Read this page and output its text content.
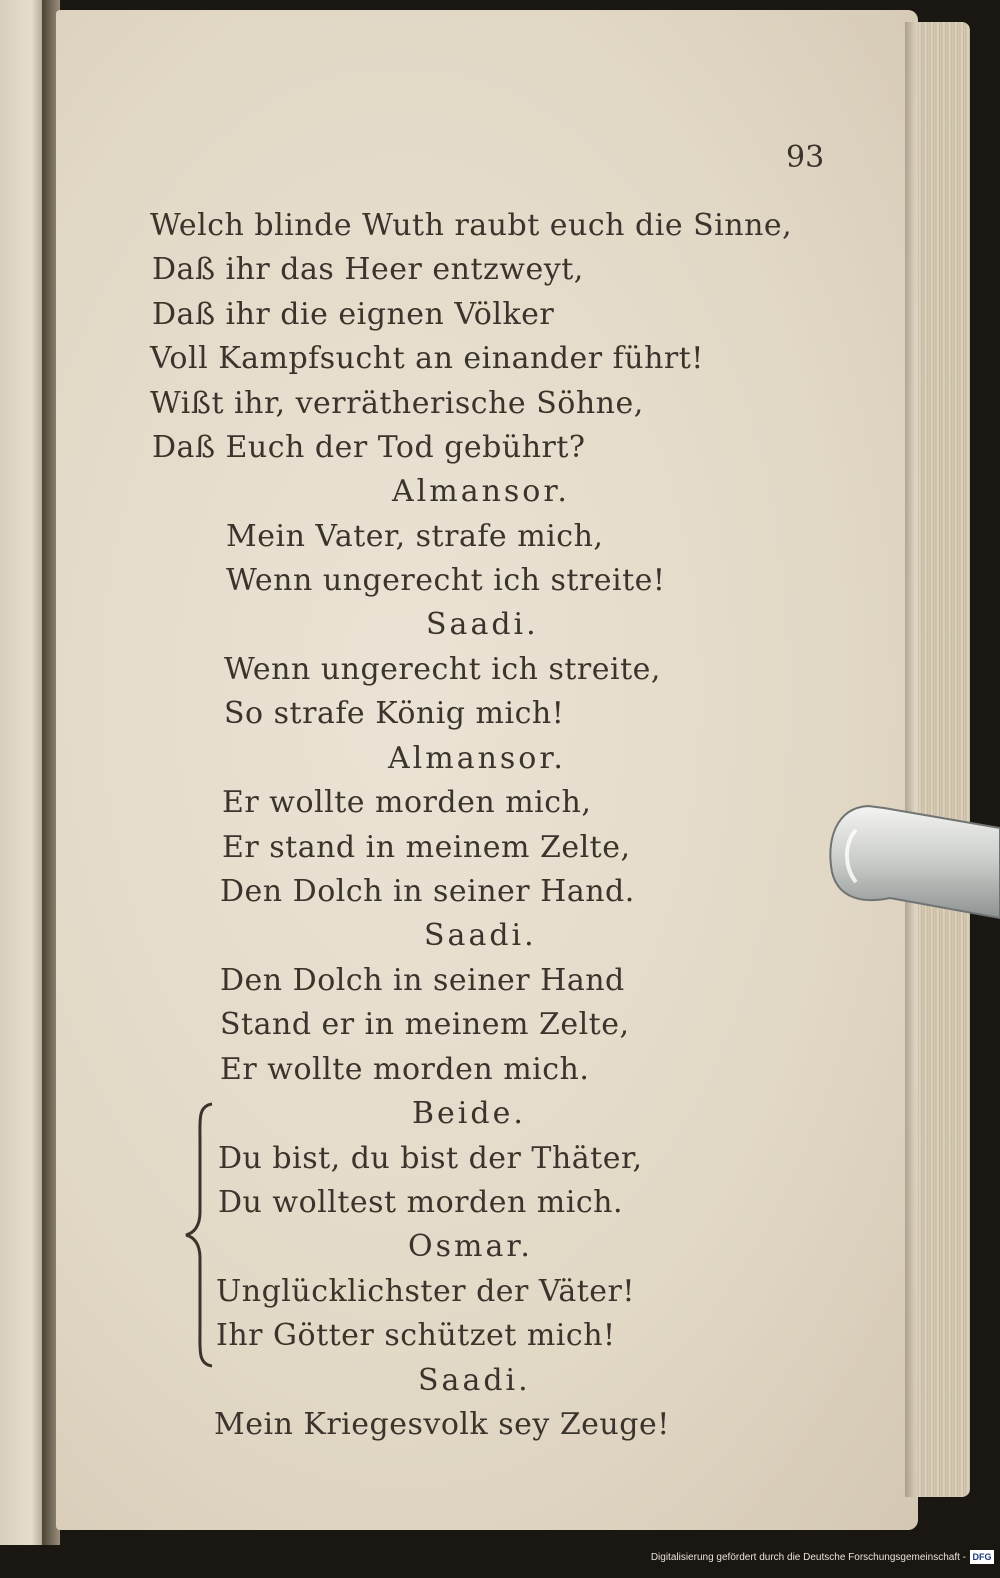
93
Welch blinde Wuth raubt euch die Sinne,
Daß ihr das Heer entzweyt,
Daß ihr die eignen Völker
Voll Kampfsucht an einander führt!
Wißt ihr, verrätherische Söhne,
Daß Euch der Tod gebührt?
Almansor.
Mein Vater, strafe mich,
Wenn ungerecht ich streite!
Saadi.
Wenn ungerecht ich streite,
So strafe König mich!
Almansor.
Er wollte morden mich,
Er stand in meinem Zelte,
Den Dolch in seiner Hand.
Saadi.
Den Dolch in seiner Hand
Stand er in meinem Zelte,
Er wollte morden mich.
Beide.
Du bist, du bist der Thäter,
Du wolltest morden mich.
Osmar.
Unglücklichster der Väter!
Ihr Götter schützet mich!
Saadi.
Mein Kriegesvolk sey Zeuge!
Digitalisierung gefördert durch die Deutsche Forschungsgemeinschaft - DFG
